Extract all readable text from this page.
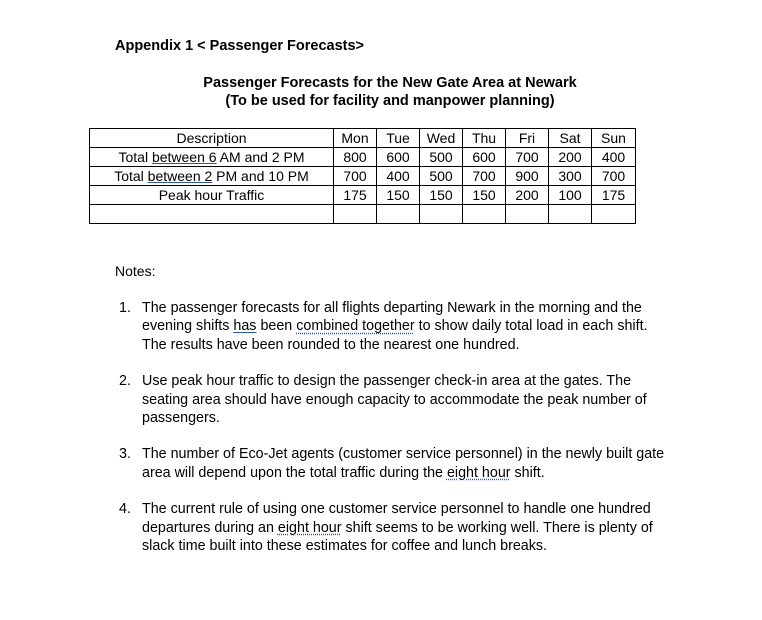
Appendix 1 < Passenger Forecasts>
Passenger Forecasts for the New Gate Area at Newark
(To be used for facility and manpower planning)
Description	Mon	Tue	Wed	Thu	Fri	Sat	Sun
Total between 6 AM and 2 PM	800	600	500	600	700	200	400
Total between 2 PM and 10 PM	700	400	500	700	900	300	700
Peak hour Traffic	175	150	150	150	200	100	175

Notes:
1. The passenger forecasts for all flights departing Newark in the morning and the evening shifts has been combined together to show daily total load in each shift. The results have been rounded to the nearest one hundred.
2. Use peak hour traffic to design the passenger check-in area at the gates. The seating area should have enough capacity to accommodate the peak number of passengers.
3. The number of Eco-Jet agents (customer service personnel) in the newly built gate area will depend upon the total traffic during the eight hour shift.
4. The current rule of using one customer service personnel to handle one hundred departures during an eight hour shift seems to be working well. There is plenty of slack time built into these estimates for coffee and lunch breaks.
